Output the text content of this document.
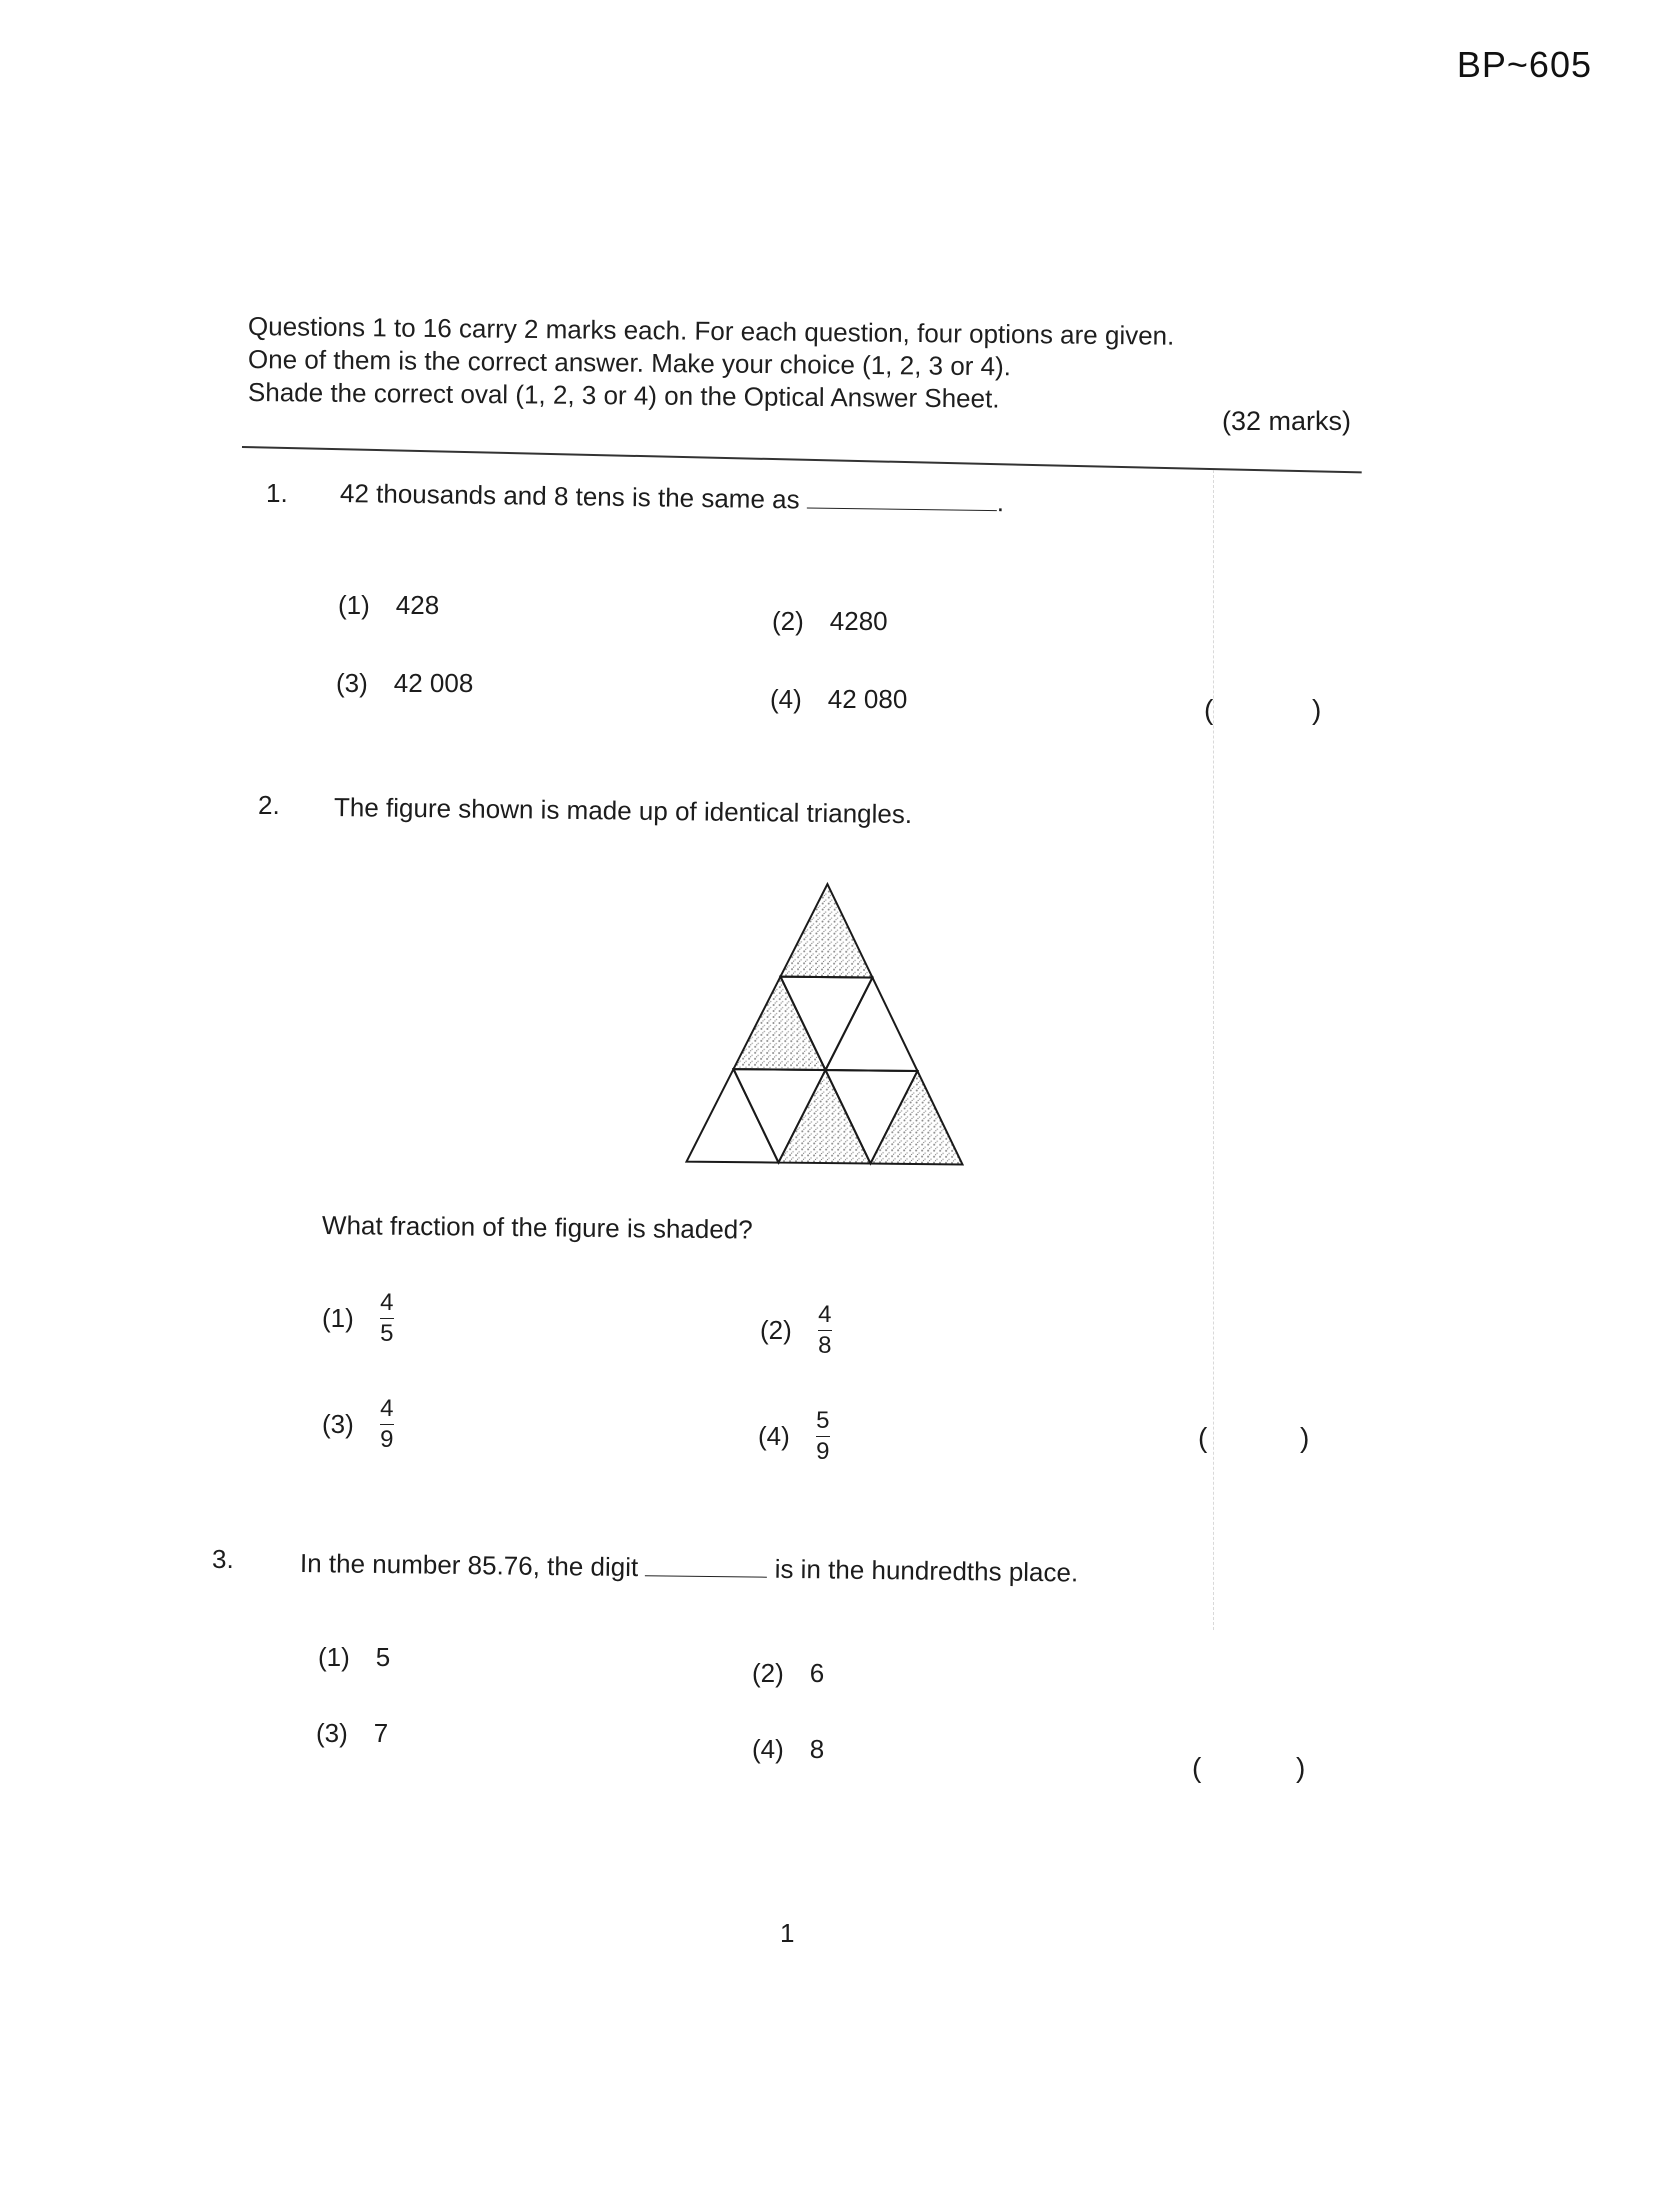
BP~605
Questions 1 to 16 carry 2 marks each. For each question, four options are given.
One of them is the correct answer. Make your choice (1, 2, 3 or 4).
Shade the correct oval (1, 2, 3 or 4) on the Optical Answer Sheet.
(32 marks)
1. 42 thousands and 8 tens is the same as	.
(1) 428
(2) 4280
(3) 42 008
(4) 42 080	(	)
2. The figure shown is made up of identical triangles.
What fraction of the figure is shaded?
$(1) \frac{4}{5}$	$(2) \frac{4}{8}$
$(3) \frac{4}{9}$	$(4) \frac{5}{9}$	(	)
3.	In the number 85.76, the digit	is in the hundredths place.
(1) 5
(2) 6
(3) 7
(4) 8
(	)
1
